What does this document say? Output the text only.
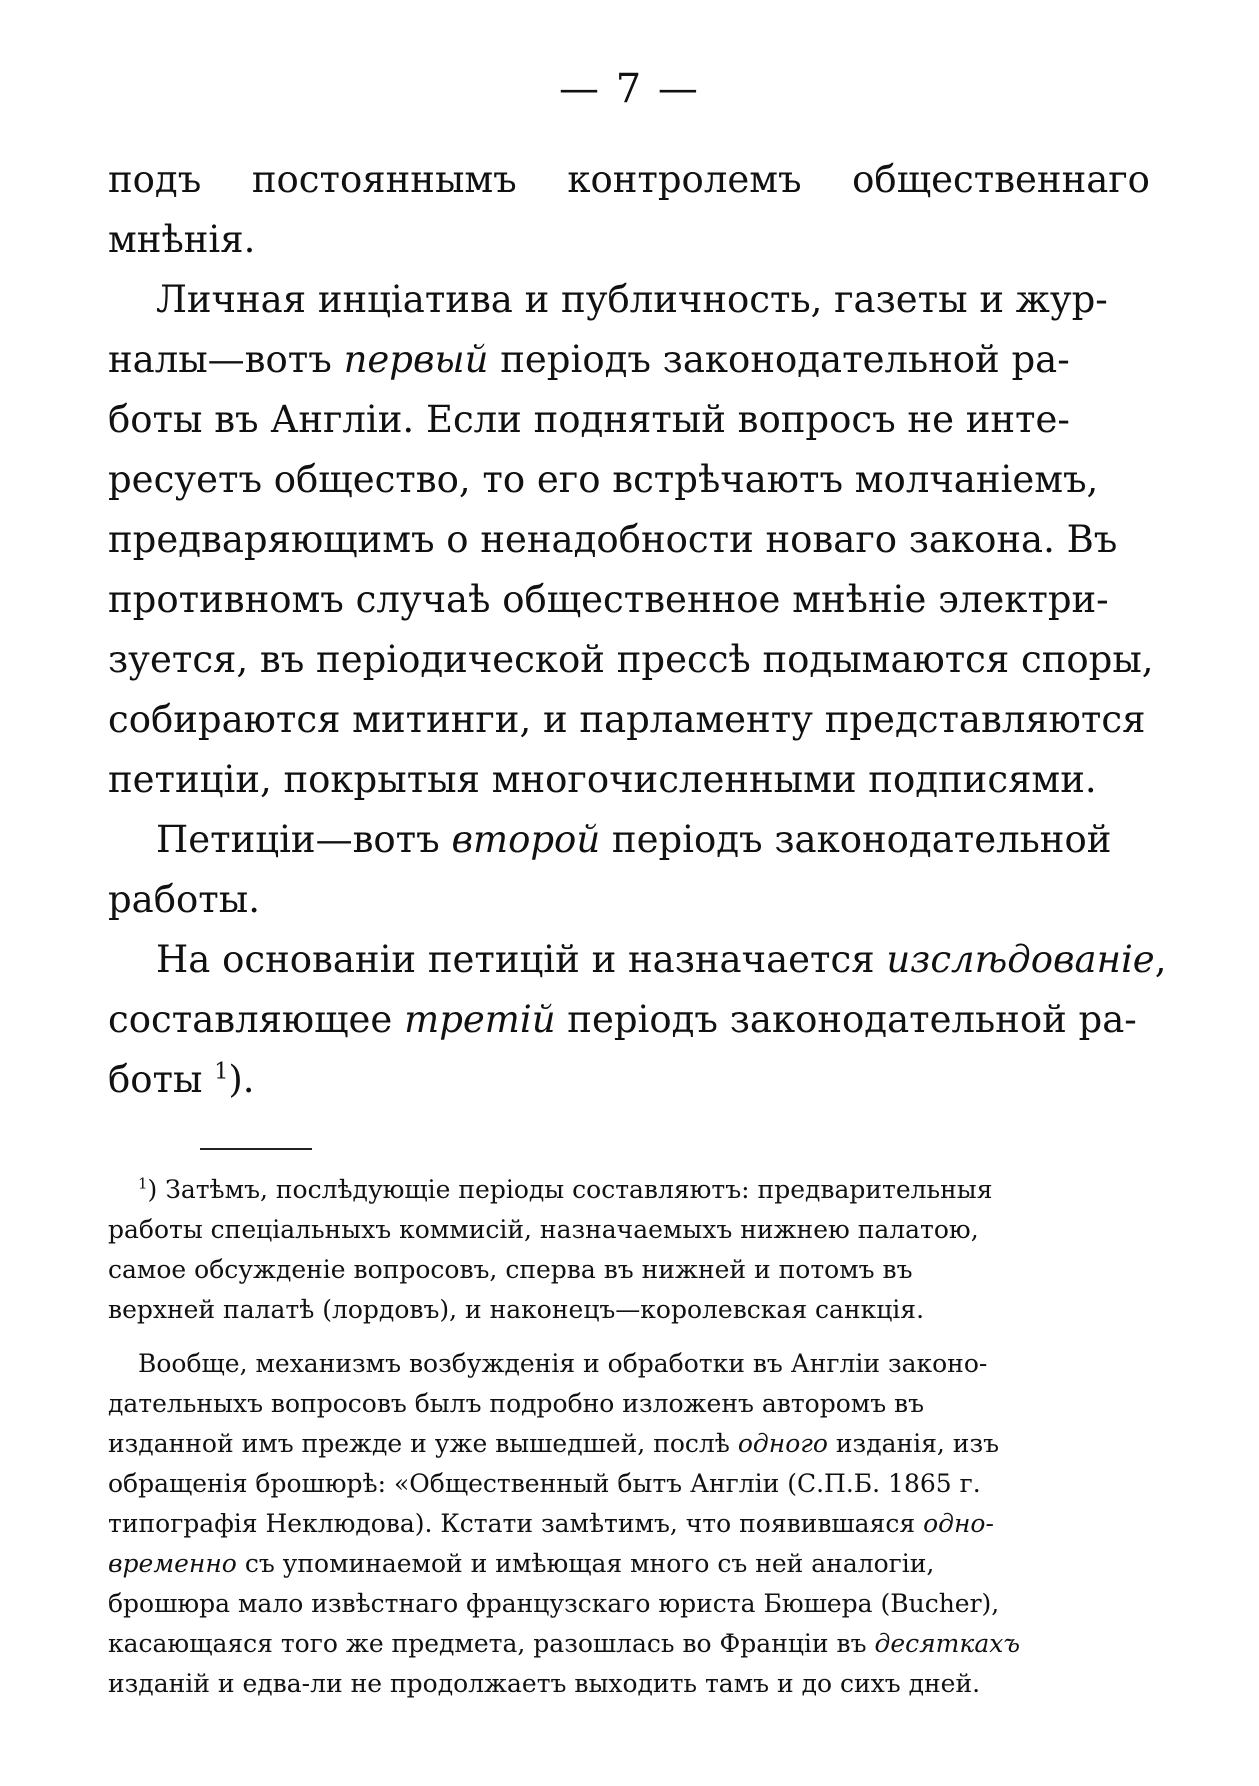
— 7 —
подъ постояннымъ контролемъ общественнаго
мнѣнія.
Личная инціатива и публичность, газеты и жур-
налы—вотъ первый періодъ законодательной ра-
боты въ Англіи. Если поднятый вопросъ не инте-
ресуетъ общество, то его встрѣчаютъ молчаніемъ,
предваряющимъ о ненадобности новаго закона. Въ
противномъ случаѣ общественное мнѣніе электри-
зуется, въ періодической прессѣ подымаются споры,
собираются митинги, и парламенту представляются
петиціи, покрытыя многочисленными подписями.
Петиціи—вотъ второй періодъ законодательной
работы.
На основаніи петицій и назначается изслѣдованіе,
составляющее третій періодъ законодательной ра-
боты $^1$).
$^1$) Затѣмъ, послѣдующіе періоды составляютъ: предварительныя
работы спеціальныхъ коммисій, назначаемыхъ нижнею палатою,
самое обсужденіе вопросовъ, сперва въ нижней и потомъ въ
верхней палатѣ (лордовъ), и наконецъ—королевская санкція.
Вообще, механизмъ возбужденія и обработки въ Англіи законо-
дательныхъ вопросовъ былъ подробно изложенъ авторомъ въ
изданной имъ прежде и уже вышедшей, послѣ одного изданія, изъ
обращенія брошюрѣ: «Общественный бытъ Англіи (С.П.Б. 1865 г.
типографія Неклюдова). Кстати замѣтимъ, что появившаяся одно-
временно съ упоминаемой и имѣющая много съ ней аналогіи,
брошюра мало извѣстнаго французскаго юриста Бюшера (Bucher),
касающаяся того же предмета, разошлась во Франціи въ десяткахъ
изданій и едва-ли не продолжаетъ выходить тамъ и до сихъ дней.
